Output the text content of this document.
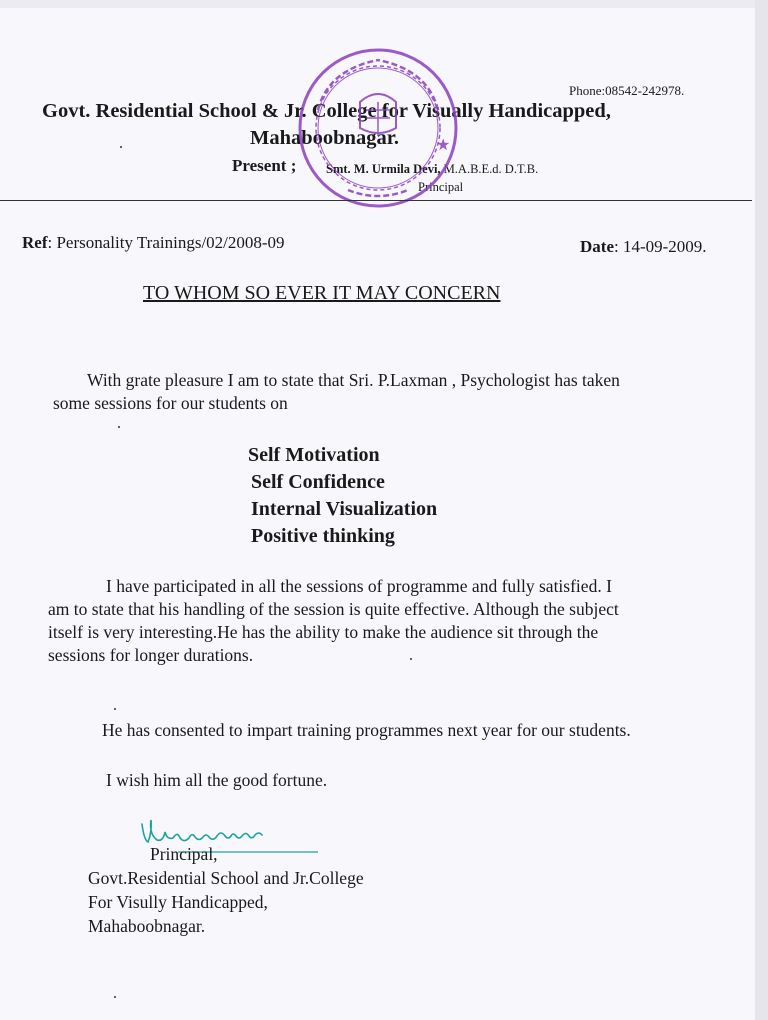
Phone:08542-242978.
Govt. Residential School & Jr. College for Visually Handicapped,
Mahaboobnagar.
Present ; Smt. M. Urmila Devi, M.A.B.E.d. D.T.B.
Principal
★
Ref: Personality Trainings/02/2008-09	Date: 14-09-2009.
TO WHOM SO EVER IT MAY CONCERN
With grate pleasure I am to state that Sri. P.Laxman , Psychologist has taken
some sessions for our students on
Self Motivation
Self Confidence
Internal Visualization
Positive thinking
I have participated in all the sessions of programme and fully satisfied. I
am to state that his handling of the session is quite effective. Although the subject
itself is very interesting.He has the ability to make the audience sit through the
sessions for longer durations.
He has consented to impart training programmes next year for our students.
I wish him all the good fortune.
Principal,
Govt.Residential School and Jr.College
For Visully Handicapped,
Mahaboobnagar.
